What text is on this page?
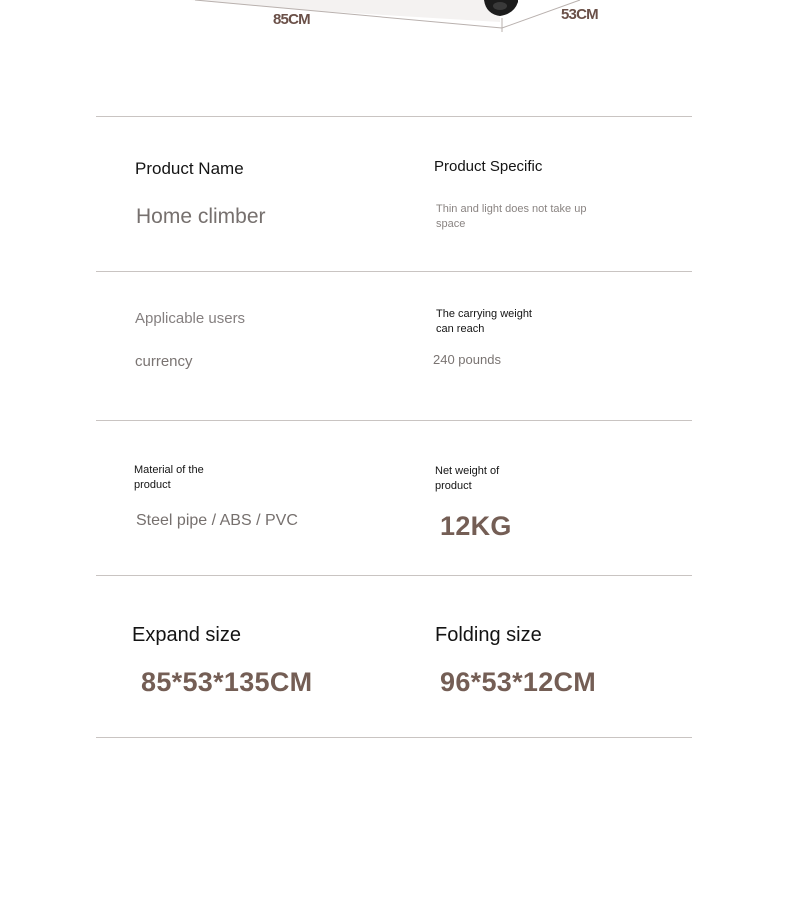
85CM	53CM
Product Name
Home climber
Product Specific
Thin and light does not take up
space
Applicable users
currency
The carrying weight
can reach
240 pounds
Material of the
product
Steel pipe / ABS / PVC
Net weight of
product
12KG
Expand size
85*53*135CM
Folding size
96*53*12CM
